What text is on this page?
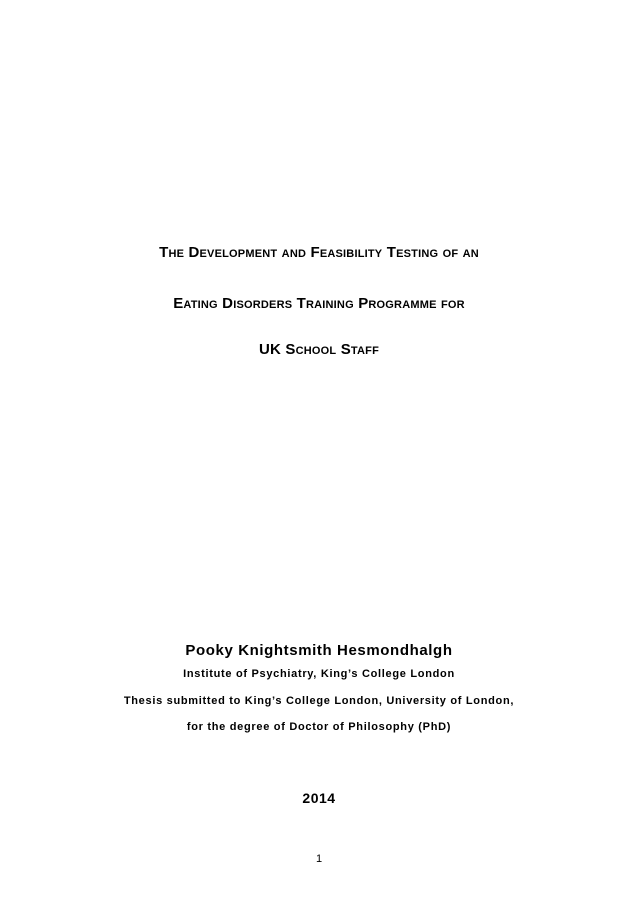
The Development and Feasibility Testing of an
Eating Disorders Training Programme for
UK School Staff
Pooky Knightsmith Hesmondhalgh
Institute of Psychiatry, King’s College London
Thesis submitted to King’s College London, University of London,
for the degree of Doctor of Philosophy (PhD)
2014
1
